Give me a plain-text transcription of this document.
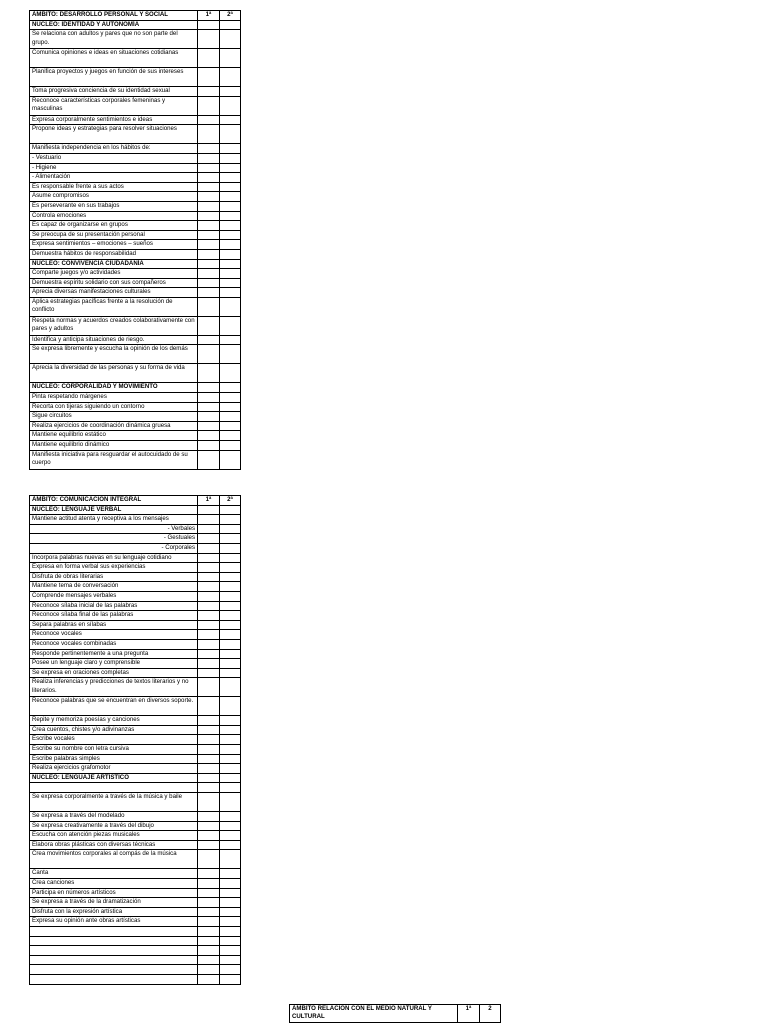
ÀMBITO: DESARROLLO PERSONAL Y SOCIAL	1ª	2ª
NÚCLEO: IDENTIDAD Y AUTONOMÍA		
Se relaciona con adultos y pares que no son parte del grupo.		
Comunica opiniones e ideas en situaciones cotidianas		
Planifica proyectos y juegos en función de sus intereses		
Toma progresiva conciencia de su identidad sexual		
Reconoce características corporales femeninas y masculinas		
Expresa corporalmente sentimientos e ideas		
Propone ideas y estrategias para resolver situaciones		
Manifiesta independencia en los hábitos de:		
- Vestuario		
- Higiene		
- Alimentación		
Es responsable frente a sus actos		
Asume compromisos		
Es perseverante en sus trabajos		
Controla emociones		
Es capaz de organizarse en grupos		
Se preocupa de su presentación personal		
Expresa sentimientos – emociones – sueños		
Demuestra hábitos de responsabilidad		
NÚCLEO: CONVIVENCIA CIUDADANÍA		
Comparte juegos y/o actividades		
Demuestra espíritu solidario con sus compañeros		
Aprecia diversas manifestaciones culturales		
Aplica estrategias pacíficas frente a la resolución de conflicto		
Respeta normas y acuerdos creados colaborativamente con pares y adultos		
Identifica y anticipa situaciones de riesgo.		
Se expresa libremente y escucha la opinión de los demás		
Aprecia la diversidad de las personas y su forma de vida		
NÚCLEO: CORPORALIDAD Y MOVIMIENTO		
Pinta respetando márgenes		
Recorta con tijeras siguiendo un contorno		
Sigue circuitos		
Realiza ejercicios de coordinación dinámica gruesa		
Mantiene equilibrio estático		
Mantiene equilibrio dinámico		
Manifiesta iniciativa para resguardar el autocuidado de su cuerpo		
ÀMBITO: COMUNICACIÓN INTEGRAL	1ª	2ª
NÚCLEO: LENGUAJE VERBAL		
Mantiene actitud atenta y receptiva a los mensajes		
- Verbales		
- Gestuales		
- Corporales		
Incorpora palabras nuevas en su lenguaje cotidiano		
Expresa en forma verbal sus experiencias		
Disfruta de obras literarias		
Mantiene tema de conversación		
Comprende mensajes verbales		
Reconoce sílaba inicial de las palabras		
Reconoce sílaba final de las palabras		
Separa palabras en sílabas		
Reconoce vocales		
Reconoce vocales combinadas		
Responde pertinentemente a una pregunta		
Posee un lenguaje claro y comprensible		
Se expresa en oraciones completas		
Realiza inferencias y predicciones de textos literarios y no literarios.		
Reconoce palabras que se encuentran en diversos soporte.		
Repite y memoriza poesías y canciones		
Crea cuentos, chistes y/o adivinanzas		
Escribe vocales		
Escribe su nombre con letra cursiva		
Escribe palabras simples		
Realiza ejercicios grafomotor		
NÚCLEO: LENGUAJE ARTISTICO		

Se expresa corporalmente a través de la música y baile		
Se expresa a través del modelado		
Se expresa creativamente a través del dibujo		
Escucha con atención piezas musicales		
Elabora obras plásticas con diversas técnicas		
Crea movimientos corporales al compás de la música		
Canta		
Crea canciones		
Participa en números artísticos		
Se expresa a través de la dramatización		
Disfruta con la expresión artística		
Expresa su opinión ante obras artísticas		

ÀMBITO RELACIÓN CON EL MEDIO NATURAL Y CULTURAL	1ª	2
